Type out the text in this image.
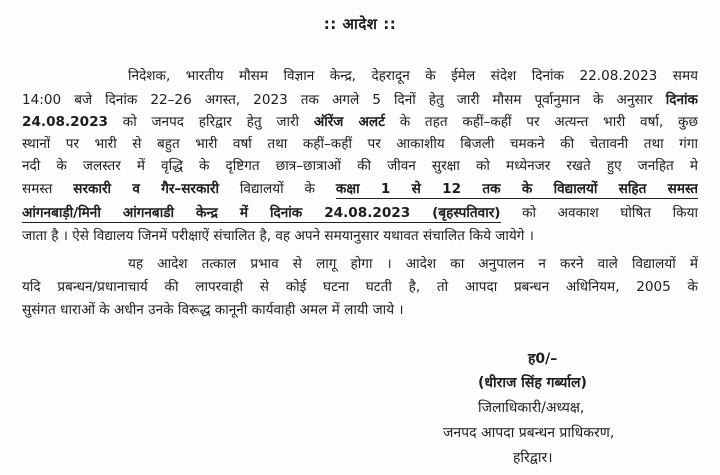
:: आदेश ::
निदेशक, भारतीय मौसम विज्ञान केन्द्र, देहरादून के ईमेल संदेश दिनांक 22.08.2023 समय
14:00 बजे दिनांक 22–26 अगस्त, 2023 तक अगले 5 दिनों हेतु जारी मौसम पूर्वानुमान के अनुसार दिनांक
24.08.2023 को जनपद हरिद्वार हेतु जारी ऑरेंज अलर्ट के तहत कहीं–कहीं पर अत्यन्त भारी वर्षा, कुछ
स्थानों पर भारी से बहुत भारी वर्षा तथा कहीं–कहीं पर आकाशीय बिजली चमकने की चेतावनी तथा गंगा
नदी के जलस्तर में वृद्धि के दृष्टिगत छात्र–छात्राओं की जीवन सुरक्षा को मध्येनजर रखते हुए जनहित मे
समस्त सरकारी व गैर–सरकारी विद्यालयों के कक्षा 1 से 12 तक के विद्यालयों सहित समस्त
आंगनबाड़ी/मिनी आंगनबाडी केन्द्र में दिनांक 24.08.2023 (बृहस्पतिवार) को अवकाश घोषित किया
जाता है । ऐसे विद्यालय जिनमें परीक्षाऐं संचालित है, वह अपने समयानुसार यथावत संचालित किये जायेगे ।
यह आदेश तत्काल प्रभाव से लागू होगा । आदेश का अनुपालन न करने वाले विद्यालयों में
यदि प्रबन्धन/प्रधानाचार्य की लापरवाही से कोई घटना घटती है, तो आपदा प्रबन्धन अधिनियम, 2005 के
सुसंगत धाराओं के अधीन उनके विरूद्ध कानूनी कार्यवाही अमल में लायी जाये ।
ह0/–
(धीराज सिंह गर्ब्याल)
जिलाधिकारी/अध्यक्ष,
जनपद आपदा प्रबन्धन प्राधिकरण,
हरिद्वार।
